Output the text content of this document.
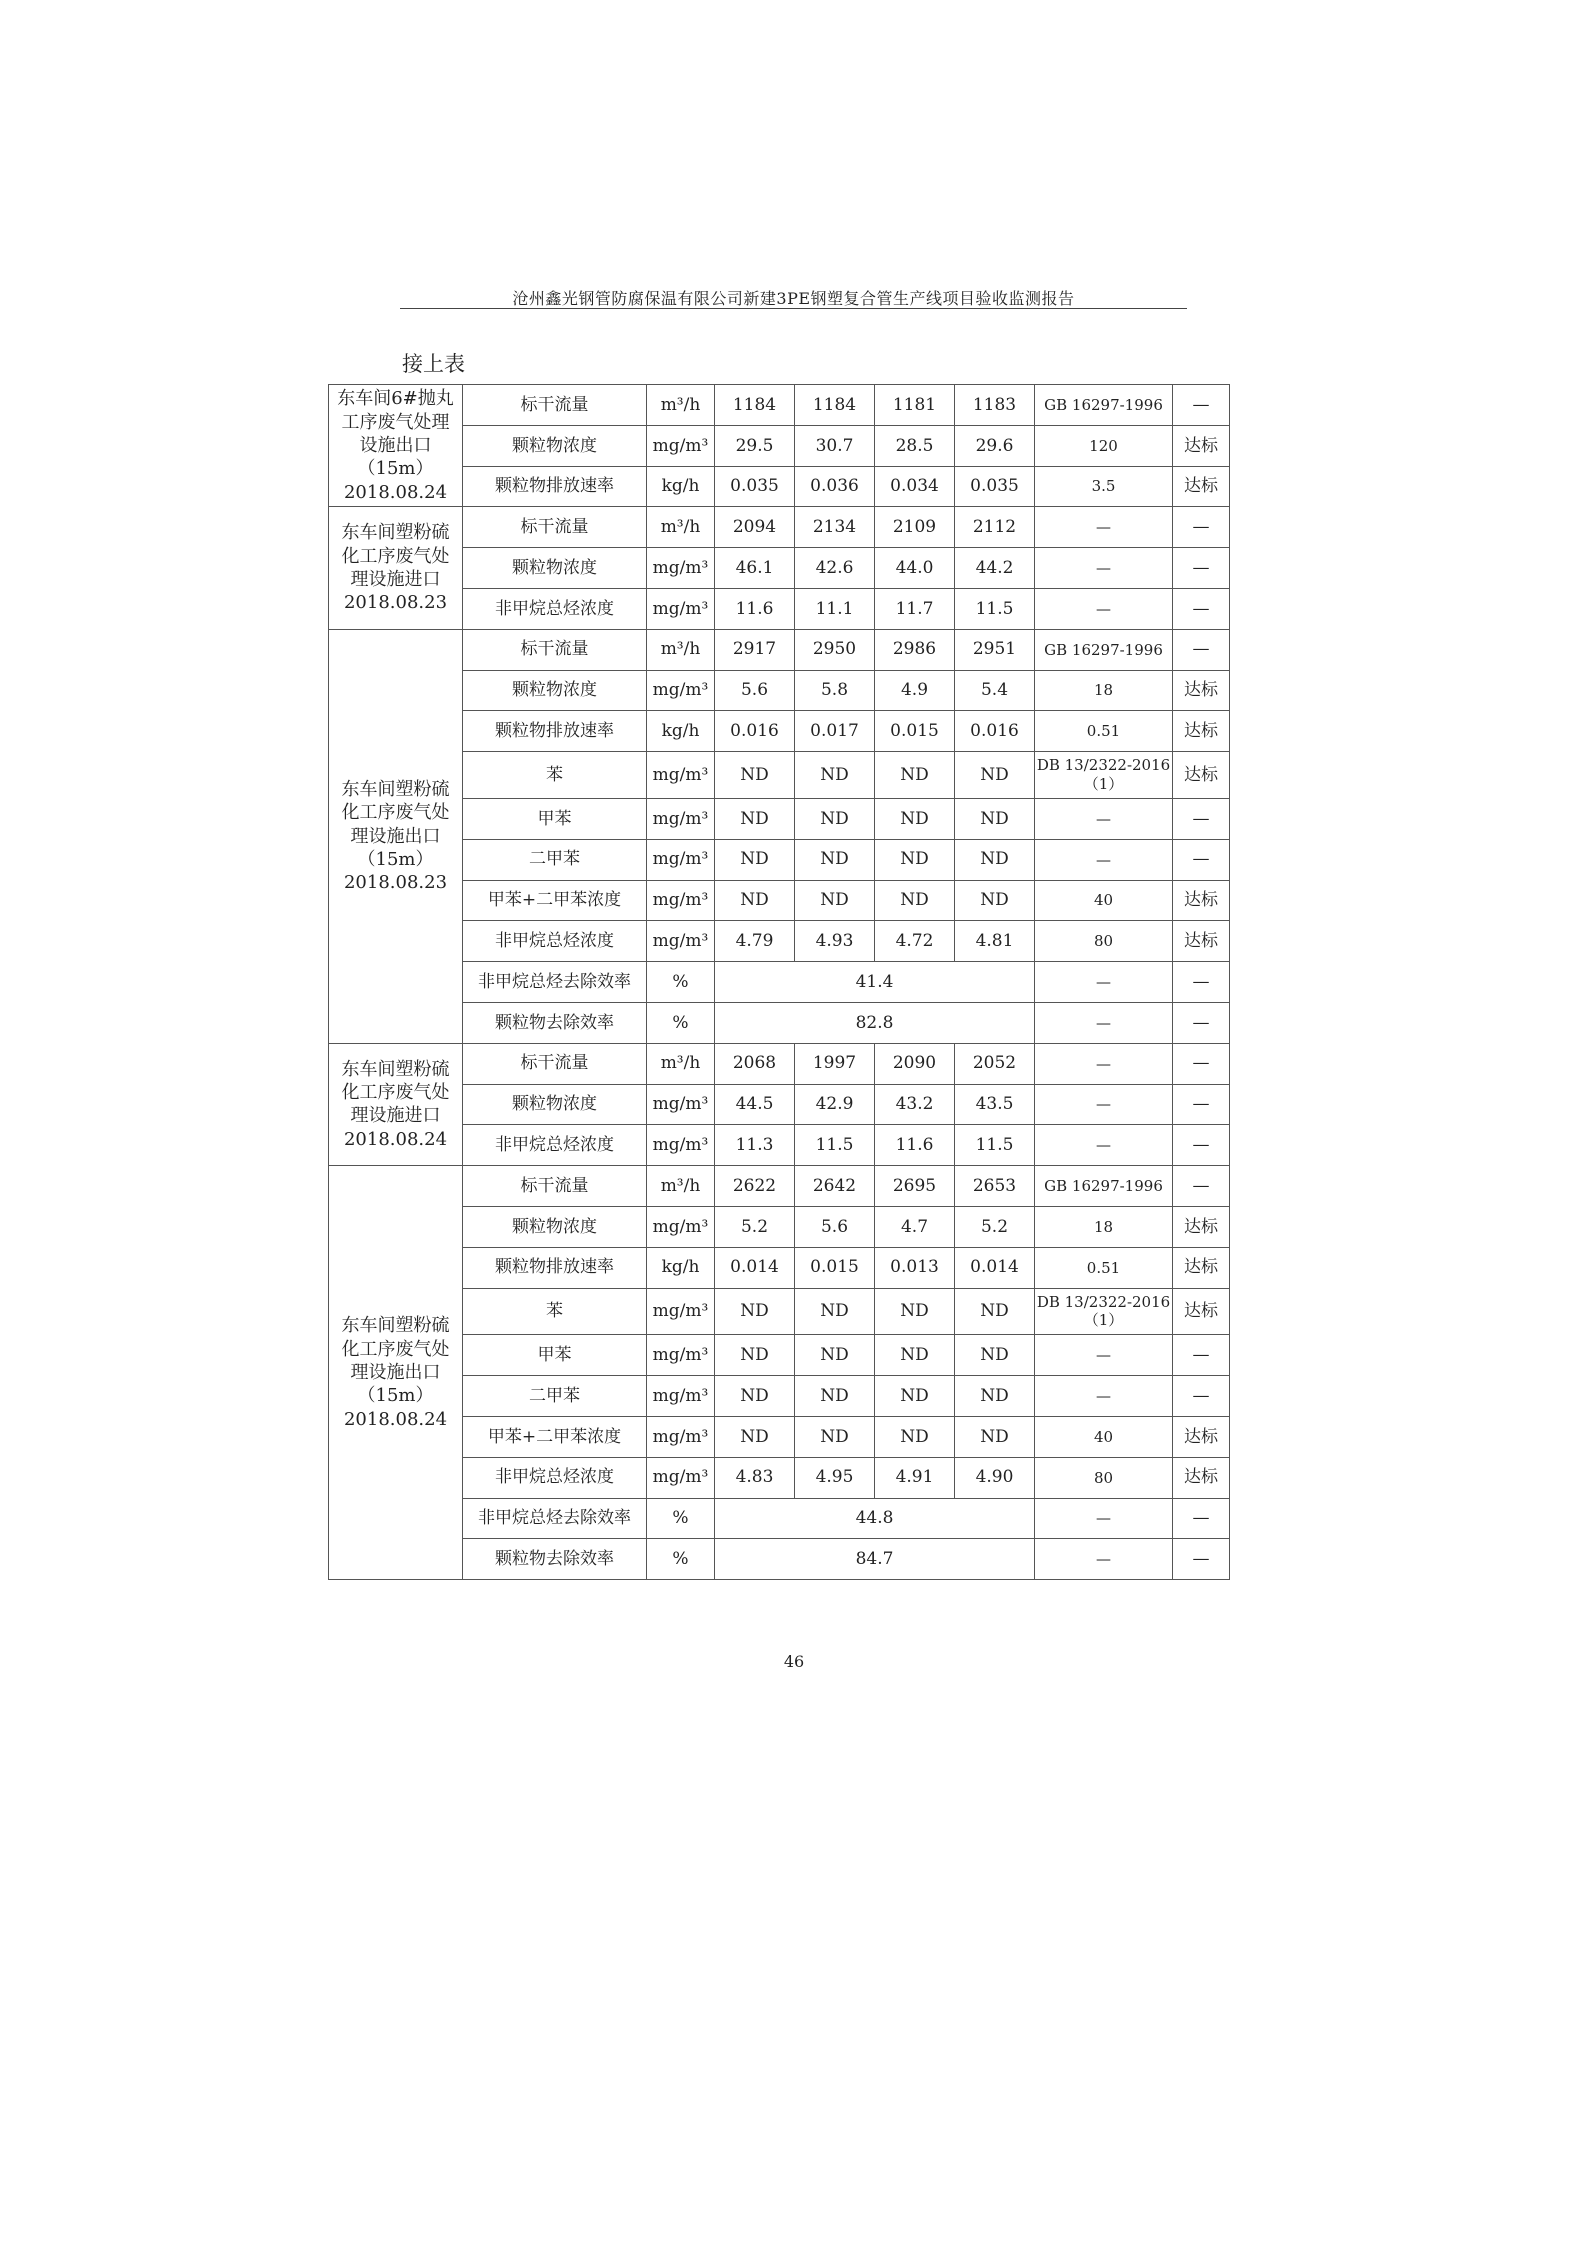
沧州鑫光钢管防腐保温有限公司新建3PE钢塑复合管生产线项目验收监测报告
接上表
东车间6#抛丸
工序废气处理
设施出口
（15m）
2018.08.24	标干流量	m³/h	1184	1184	1181	1183	GB 16297-1996	—
	颗粒物浓度	mg/m³	29.5	30.7	28.5	29.6	120	达标
	颗粒物排放速率	kg/h	0.035	0.036	0.034	0.035	3.5	达标

东车间塑粉硫
化工序废气处
理设施进口
2018.08.23	标干流量	m³/h	2094	2134	2109	2112	—	—
	颗粒物浓度	mg/m³	46.1	42.6	44.0	44.2	—	—
	非甲烷总烃浓度	mg/m³	11.6	11.1	11.7	11.5	—	—

东车间塑粉硫
化工序废气处
理设施出口
（15m）
2018.08.23	标干流量	m³/h	2917	2950	2986	2951	GB 16297-1996	—
	颗粒物浓度	mg/m³	5.6	5.8	4.9	5.4	18	达标
	颗粒物排放速率	kg/h	0.016	0.017	0.015	0.016	0.51	达标
	苯	mg/m³	ND	ND	ND	ND	DB 13/2322-2016
（1）	达标
	甲苯	mg/m³	ND	ND	ND	ND	—	—
	二甲苯	mg/m³	ND	ND	ND	ND	—	—
	甲苯+二甲苯浓度	mg/m³	ND	ND	ND	ND	40	达标
	非甲烷总烃浓度	mg/m³	4.79	4.93	4.72	4.81	80	达标
	非甲烷总烃去除效率	%	41.4				—	—
	颗粒物去除效率	%	82.8				—	—

东车间塑粉硫
化工序废气处
理设施进口
2018.08.24	标干流量	m³/h	2068	1997	2090	2052	—	—
	颗粒物浓度	mg/m³	44.5	42.9	43.2	43.5	—	—
	非甲烷总烃浓度	mg/m³	11.3	11.5	11.6	11.5	—	—

东车间塑粉硫
化工序废气处
理设施出口
（15m）
2018.08.24	标干流量	m³/h	2622	2642	2695	2653	GB 16297-1996	—
	颗粒物浓度	mg/m³	5.2	5.6	4.7	5.2	18	达标
	颗粒物排放速率	kg/h	0.014	0.015	0.013	0.014	0.51	达标
	苯	mg/m³	ND	ND	ND	ND	DB 13/2322-2016
（1）	达标
	甲苯	mg/m³	ND	ND	ND	ND	—	—
	二甲苯	mg/m³	ND	ND	ND	ND	—	—
	甲苯+二甲苯浓度	mg/m³	ND	ND	ND	ND	40	达标
	非甲烷总烃浓度	mg/m³	4.83	4.95	4.91	4.90	80	达标
	非甲烷总烃去除效率	%	44.8				—	—
	颗粒物去除效率	%	84.7				—	—
46
